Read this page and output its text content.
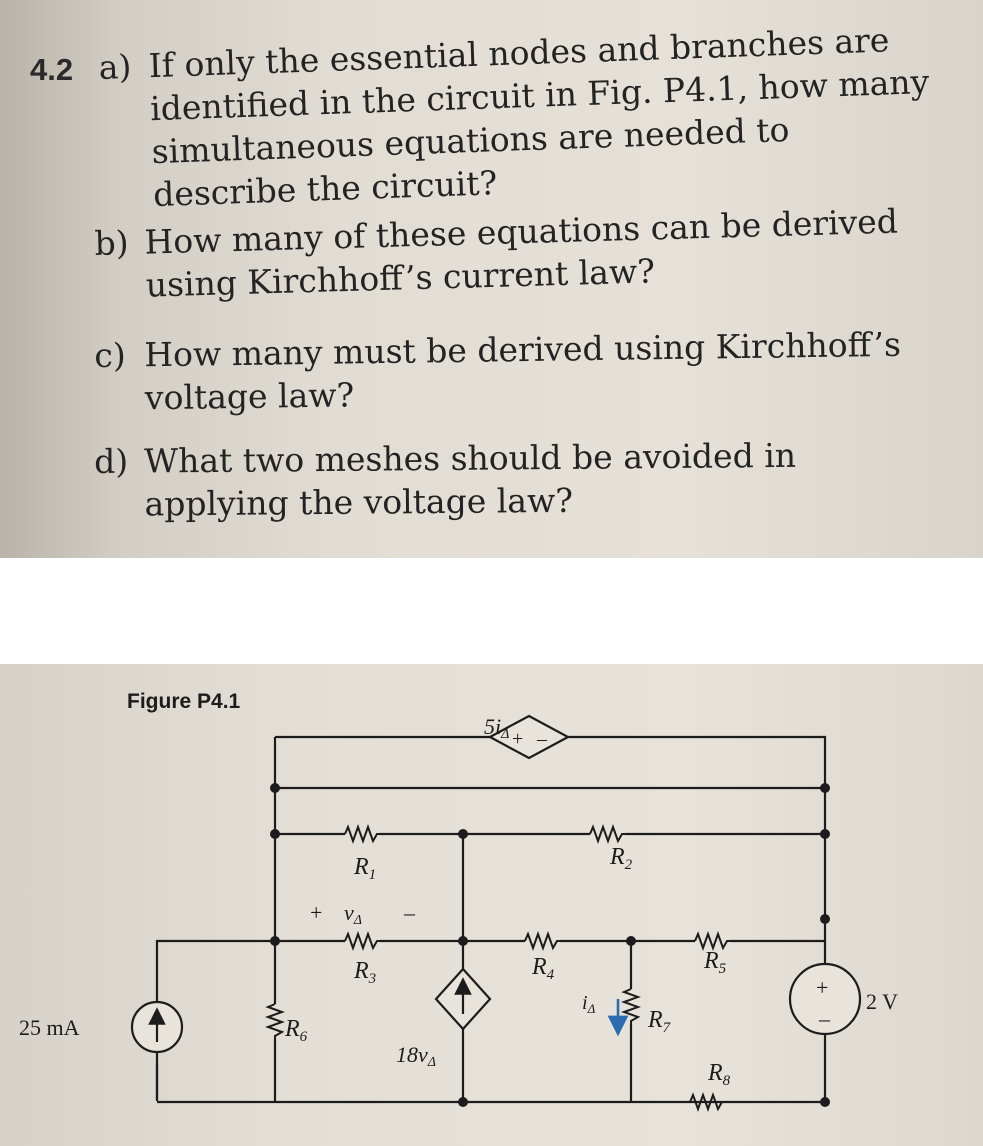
4.2 a) If only the essential nodes and branches are identified in the circuit in Fig. P4.1, how many simultaneous equations are needed to describe the circuit?
b) How many of these equations can be derived using Kirchhoff’s current law?
c) How many must be derived using Kirchhoff’s voltage law?
d) What two meshes should be avoided in applying the voltage law?
Figure P4.1
+ –
+
–
25 mA
$R_1$
$R_2$
$R_3$	$R_4$
$R_5$
$R_6$
$R_7$
$R_8$
5iΔ
18vΔ
+ vΔ –
$i_\Delta$	2 V
